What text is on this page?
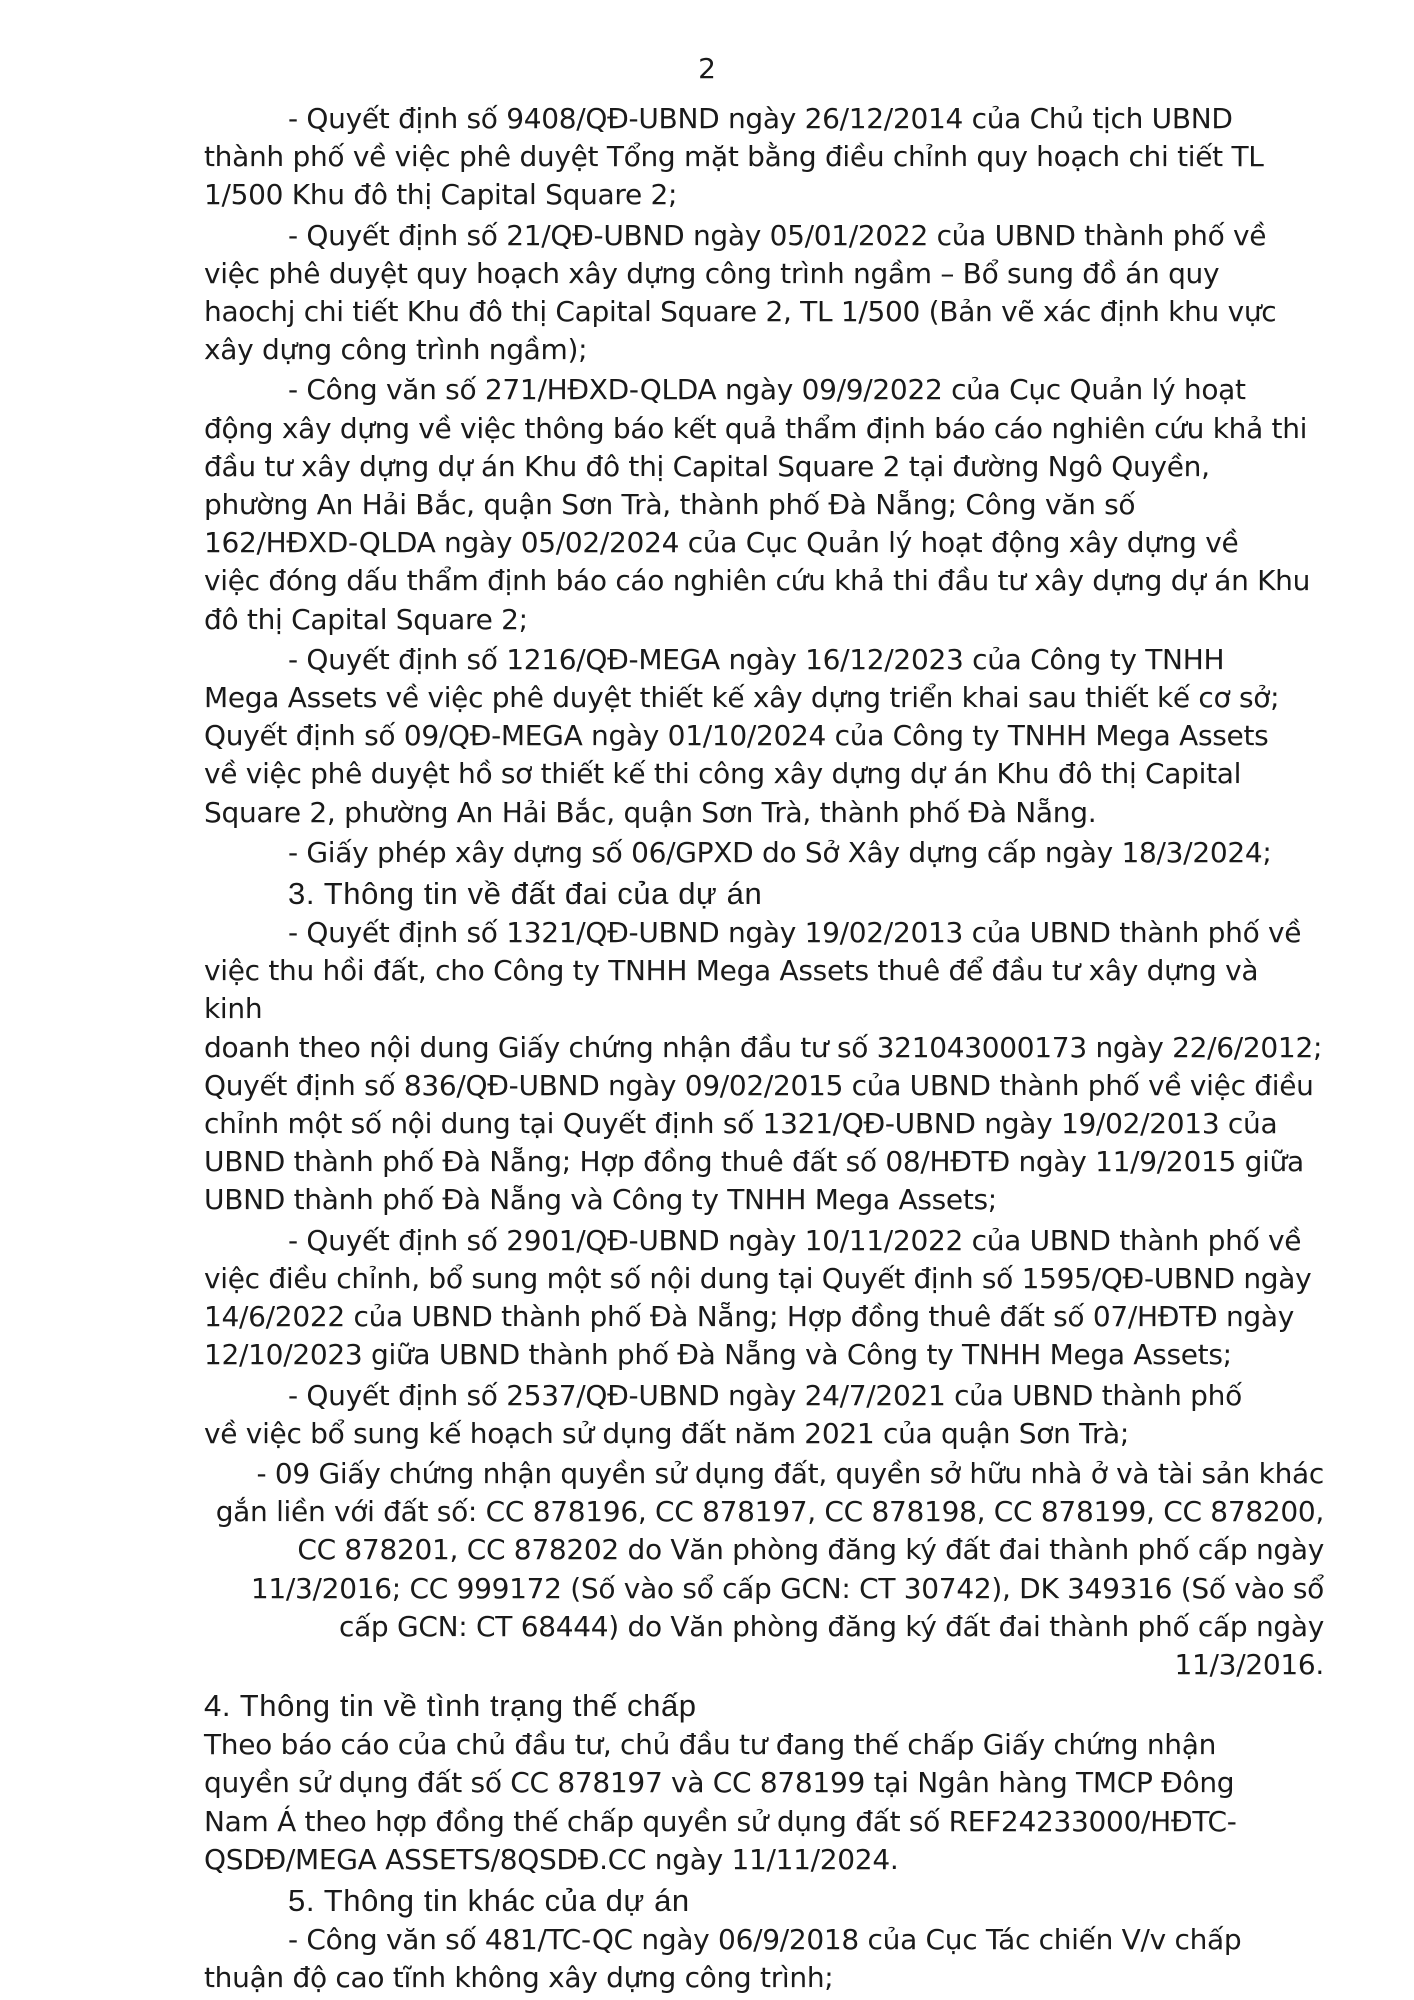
2

- Quyết định số 9408/QĐ-UBND ngày 26/12/2014 của Chủ tịch UBND
thành phố về việc phê duyệt Tổng mặt bằng điều chỉnh quy hoạch chi tiết TL
1/500 Khu đô thị Capital Square 2;

- Quyết định số 21/QĐ-UBND ngày 05/01/2022 của UBND thành phố về
việc phê duyệt quy hoạch xây dựng công trình ngầm – Bổ sung đồ án quy
haochj chi tiết Khu đô thị Capital Square 2, TL 1/500 (Bản vẽ xác định khu vực
xây dựng công trình ngầm);

- Công văn số 271/HĐXD-QLDA ngày 09/9/2022 của Cục Quản lý hoạt
động xây dựng về việc thông báo kết quả thẩm định báo cáo nghiên cứu khả thi
đầu tư xây dựng dự án Khu đô thị Capital Square 2 tại đường Ngô Quyền,
phường An Hải Bắc, quận Sơn Trà, thành phố Đà Nẵng; Công văn số
162/HĐXD-QLDA ngày 05/02/2024 của Cục Quản lý hoạt động xây dựng về
việc đóng dấu thẩm định báo cáo nghiên cứu khả thi đầu tư xây dựng dự án Khu
đô thị Capital Square 2;

- Quyết định số 1216/QĐ-MEGA ngày 16/12/2023 của Công ty TNHH
Mega Assets về việc phê duyệt thiết kế xây dựng triển khai sau thiết kế cơ sở;
Quyết định số 09/QĐ-MEGA ngày 01/10/2024 của Công ty TNHH Mega Assets
về việc phê duyệt hồ sơ thiết kế thi công xây dựng dự án Khu đô thị Capital
Square 2, phường An Hải Bắc, quận Sơn Trà, thành phố Đà Nẵng.

- Giấy phép xây dựng số 06/GPXD do Sở Xây dựng cấp ngày 18/3/2024;

3. Thông tin về đất đai của dự án

- Quyết định số 1321/QĐ-UBND ngày 19/02/2013 của UBND thành phố về
việc thu hồi đất, cho Công ty TNHH Mega Assets thuê để đầu tư xây dựng và kinh
doanh theo nội dung Giấy chứng nhận đầu tư số 321043000173 ngày 22/6/2012;
Quyết định số 836/QĐ-UBND ngày 09/02/2015 của UBND thành phố về việc điều
chỉnh một số nội dung tại Quyết định số 1321/QĐ-UBND ngày 19/02/2013 của
UBND thành phố Đà Nẵng; Hợp đồng thuê đất số 08/HĐTĐ ngày 11/9/2015 giữa
UBND thành phố Đà Nẵng và Công ty TNHH Mega Assets;

- Quyết định số 2901/QĐ-UBND ngày 10/11/2022 của UBND thành phố về
việc điều chỉnh, bổ sung một số nội dung tại Quyết định số 1595/QĐ-UBND ngày
14/6/2022 của UBND thành phố Đà Nẵng; Hợp đồng thuê đất số 07/HĐTĐ ngày
12/10/2023 giữa UBND thành phố Đà Nẵng và Công ty TNHH Mega Assets;

- Quyết định số 2537/QĐ-UBND ngày 24/7/2021 của UBND thành phố
về việc bổ sung kế hoạch sử dụng đất năm 2021 của quận Sơn Trà;

- 09 Giấy chứng nhận quyền sử dụng đất, quyền sở hữu nhà ở và tài sản khác
gắn liền với đất số: CC 878196, CC 878197, CC 878198, CC 878199, CC 878200,
CC 878201, CC 878202 do Văn phòng đăng ký đất đai thành phố cấp ngày
11/3/2016; CC 999172 (Số vào sổ cấp GCN: CT 30742), DK 349316 (Số vào sổ
cấp GCN: CT 68444) do Văn phòng đăng ký đất đai thành phố cấp ngày 11/3/2016.

4. Thông tin về tình trạng thế chấp

Theo báo cáo của chủ đầu tư, chủ đầu tư đang thế chấp Giấy chứng nhận
quyền sử dụng đất số CC 878197 và CC 878199 tại Ngân hàng TMCP Đông
Nam Á theo hợp đồng thế chấp quyền sử dụng đất số REF24233000/HĐTC-
QSDĐ/MEGA ASSETS/8QSDĐ.CC ngày 11/11/2024.

5. Thông tin khác của dự án

- Công văn số 481/TC-QC ngày 06/9/2018 của Cục Tác chiến V/v chấp
thuận độ cao tĩnh không xây dựng công trình;
